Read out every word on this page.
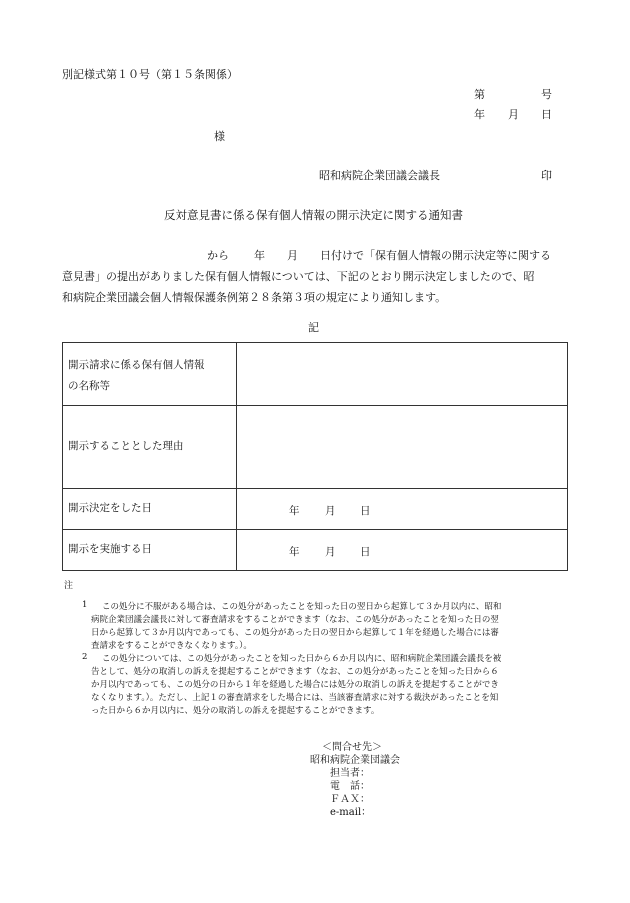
別記様式第１０号（第１５条関係）
第	号
年 月 日
様
昭和病院企業団議会議長	印
反対意見書に係る保有個人情報の開示決定に関する通知書
から 年 月 日付けで「保有個人情報の開示決定等に関する
意見書」の提出がありました保有個人情報については、下記のとおり開示決定しましたので、昭
和病院企業団議会個人情報保護条例第２８条第３項の規定により通知します。
記
開示請求に係る保有個人情報
の名称等
開示することとした理由
開示決定をした日
開示を実施する日
年 月 日
年 月 日
注
1 この処分に不服がある場合は、この処分があったことを知った日の翌日から起算して３か月以内に、昭和
病院企業団議会議長に対して審査請求をすることができます（なお、この処分があったことを知った日の翌
日から起算して３か月以内であっても、この処分があった日の翌日から起算して１年を経過した場合には審
査請求をすることができなくなります。）。
2 この処分については、この処分があったことを知った日から６か月以内に、昭和病院企業団議会議長を被
告として、処分の取消しの訴えを提起することができます（なお、この処分があったことを知った日から６
か月以内であっても、この処分の日から１年を経過した場合には処分の取消しの訴えを提起することができ
なくなります。）。ただし、上記１の審査請求をした場合には、当該審査請求に対する裁決があったことを知
った日から６か月以内に、処分の取消しの訴えを提起することができます。
＜問合せ先＞
昭和病院企業団議会
担当者：
電　話：
ＦＡＸ：
e-mail：
